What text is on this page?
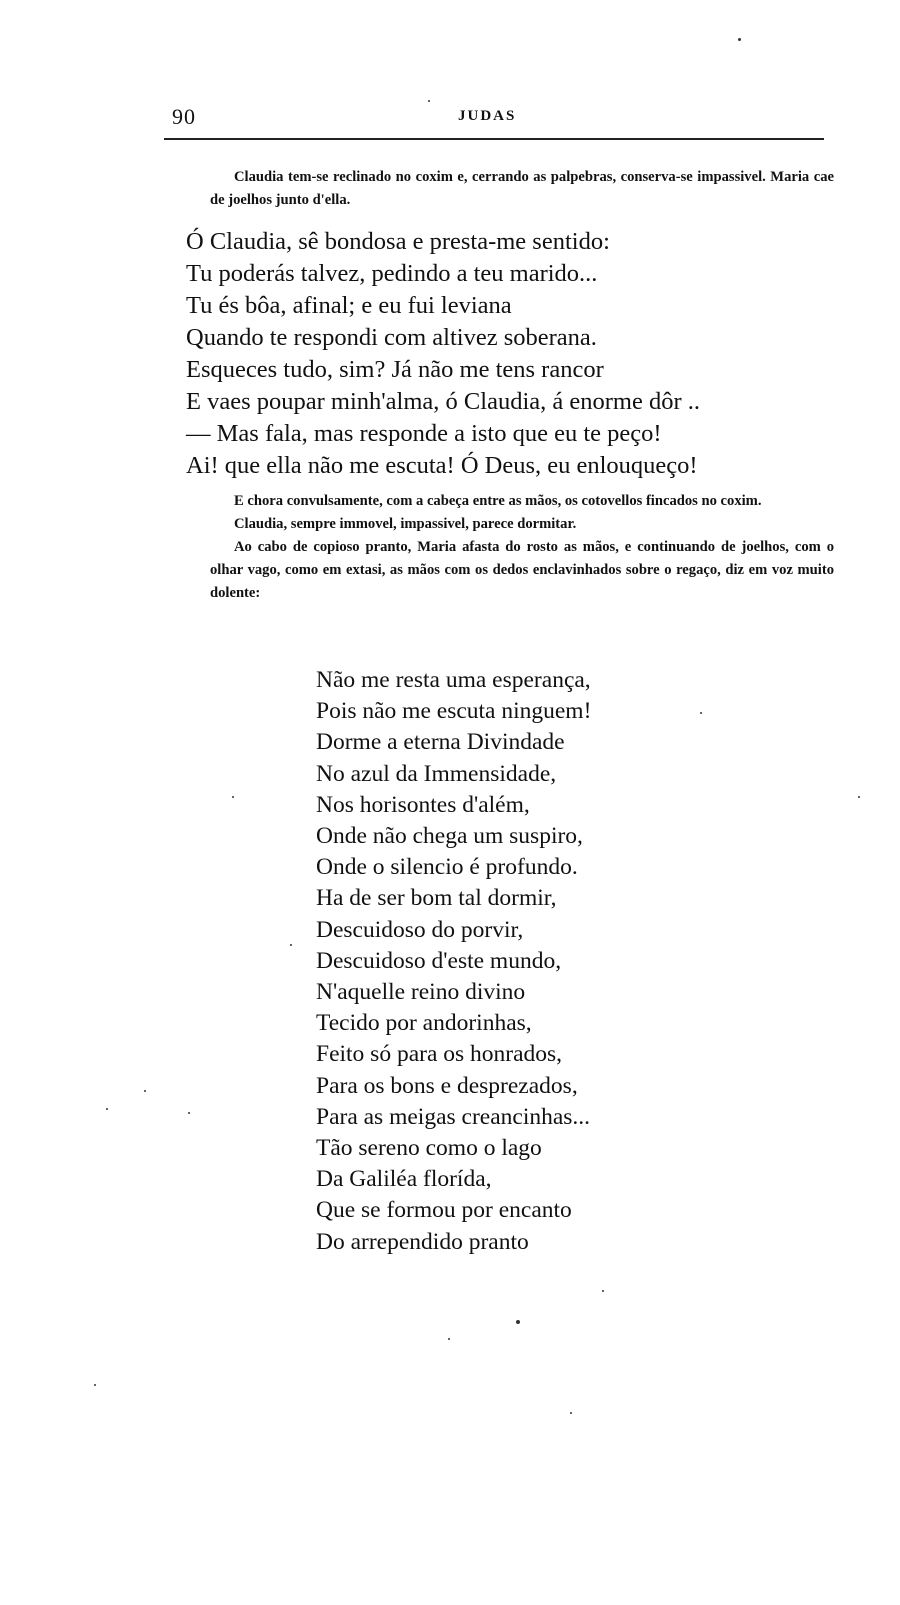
90	JUDAS
Claudia tem-se reclinado no coxim e, cerrando as palpebras, conserva-se impassivel. Maria cae de joelhos junto d'ella.
Ó Claudia, sê bondosa e presta-me sentido:
Tu poderás talvez, pedindo a teu marido...
Tu és bôa, afinal; e eu fui leviana
Quando te respondi com altivez soberana.
Esqueces tudo, sim? Já não me tens rancor
E vaes poupar minh'alma, ó Claudia, á enorme dôr ..
— Mas fala, mas responde a isto que eu te peço!
Ai! que ella não me escuta! Ó Deus, eu enlouqueço!
E chora convulsamente, com a cabeça entre as mãos, os cotovellos fincados no coxim.
Claudia, sempre immovel, impassivel, parece dormitar.
Ao cabo de copioso pranto, Maria afasta do rosto as mãos, e continuando de joelhos, com o olhar vago, como em extasi, as mãos com os dedos enclavinhados sobre o regaço, diz em voz muito dolente:
Não me resta uma esperança,
Pois não me escuta ninguem!
Dorme a eterna Divindade
No azul da Immensidade,
Nos horisontes d'além,
Onde não chega um suspiro,
Onde o silencio é profundo.
Ha de ser bom tal dormir,
Descuidoso do porvir,
Descuidoso d'este mundo,
N'aquelle reino divino
Tecido por andorinhas,
Feito só para os honrados,
Para os bons e desprezados,
Para as meigas creancinhas...
Tão sereno como o lago
Da Galiléa florída,
Que se formou por encanto
Do arrependido pranto
